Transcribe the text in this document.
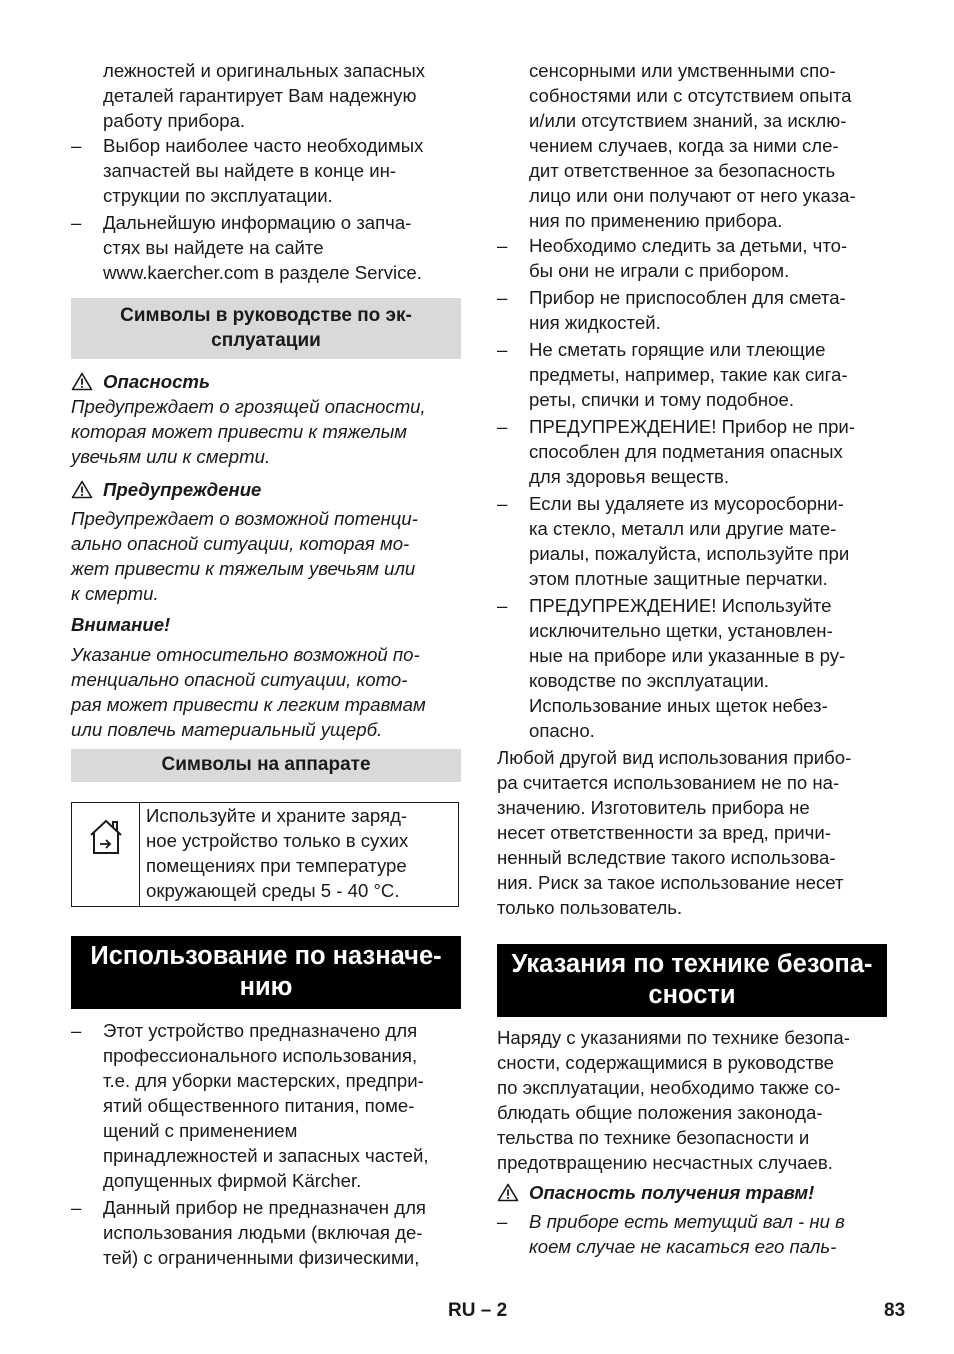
лежностей и оригинальных запасных
деталей гарантирует Вам надежную
работу прибора.

– Выбор наиболее часто необходимых
запчастей вы найдете в конце ин-
струкции по эксплуатации.

– Дальнейшую информацию о запча-
стях вы найдете на сайте
www.kaercher.com в разделе Service.

Символы в руководстве по эк-
сплуатации
Опасность

Предупреждает о грозящей опасности,
которая может привести к тяжелым
увечьям или к смерти.

Предупреждение

Предупреждает о возможной потенци-
ально опасной ситуации, которая мо-
жет привести к тяжелым увечьям или
к смерти.

Внимание!

Указание относительно возможной по-
тенциально опасной ситуации, кото-
рая может привести к легким травмам
или повлечь материальный ущерб.

Символы на аппарате
Используйте и храните заряд-
ное устройство только в сухих
помещениях при температуре
окружающей среды 5 - 40 °C.
Использование по назначе-
нию

– Этот устройство предназначено для
профессионального использования,
т.е. для уборки мастерских, предпри-
ятий общественного питания, поме-
щений с применением
принадлежностей и запасных частей,
допущенных фирмой Kärcher.

– Данный прибор не предназначен для
использования людьми (включая де-
тей) с ограниченными физическими,

сенсорными или умственными спо-
собностями или с отсутствием опыта
и/или отсутствием знаний, за исклю-
чением случаев, когда за ними сле-
дит ответственное за безопасность
лицо или они получают от него указа-
ния по применению прибора.

– Необходимо следить за детьми, что-
бы они не играли с прибором.

– Прибор не приспособлен для смета-
ния жидкостей.

– Не сметать горящие или тлеющие
предметы, например, такие как сига-
реты, спички и тому подобное.

– ПРЕДУПРЕЖДЕНИЕ! Прибор не при-
способлен для подметания опасных
для здоровья веществ.

– Если вы удаляете из мусоросборни-
ка стекло, металл или другие мате-
риалы, пожалуйста, используйте при
этом плотные защитные перчатки.

– ПРЕДУПРЕЖДЕНИЕ! Используйте
исключительно щетки, установлен-
ные на приборе или указанные в ру-
ководстве по эксплуатации.
Использование иных щеток небез-
опасно.

Любой другой вид использования прибо-
ра считается использованием не по на-
значению. Изготовитель прибора не
несет ответственности за вред, причи-
ненный вследствие такого использова-
ния. Риск за такое использование несет
только пользователь.

Указания по технике безопа-
сности

Наряду с указаниями по технике безопа-
сности, содержащимися в руководстве
по эксплуатации, необходимо также со-
блюдать общие положения законода-
тельства по технике безопасности и
предотвращению несчастных случаев.

Опасность получения травм!

– В приборе есть метущий вал - ни в
коем случае не касаться его паль-

RU – 2	83
